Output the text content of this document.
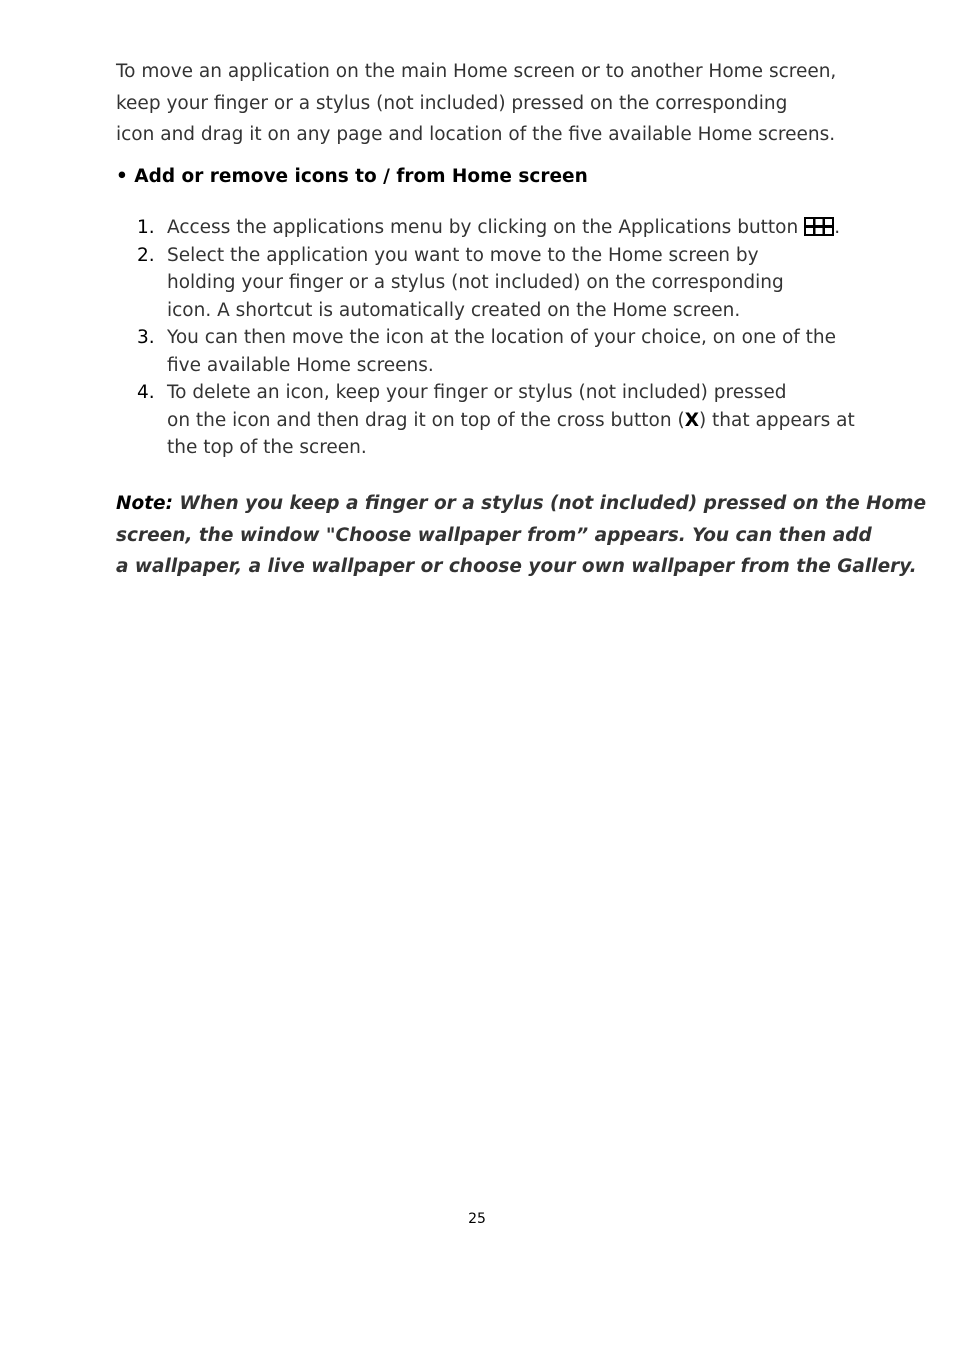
To move an application on the main Home screen or to another Home screen,
keep your finger or a stylus (not included) pressed on the corresponding
icon and drag it on any page and location of the five available Home screens.

• Add or remove icons to / from Home screen
1. Access the applications menu by clicking on the Applications button .
2. Select the application you want to move to the Home screen by
holding your finger or a stylus (not included) on the corresponding
icon. A shortcut is automatically created on the Home screen.
3. You can then move the icon at the location of your choice, on one of the
five available Home screens.
4. To delete an icon, keep your finger or stylus (not included) pressed
on the icon and then drag it on top of the cross button (X) that appears at
the top of the screen.

Note: When you keep a finger or a stylus (not included) pressed on the Home
screen, the window "Choose wallpaper from” appears. You can then add
a wallpaper, a live wallpaper or choose your own wallpaper from the Gallery.

25
